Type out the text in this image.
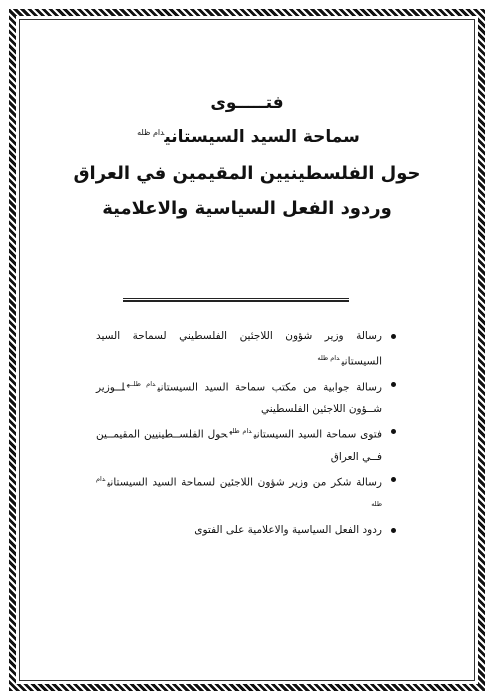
فتـــــوى
سماحة السيد السيستاني$^{دام ظله}$
حول الفلسطينيين المقيمين في العراق
وردود الفعل السياسية والاعلامية
رسالة وزير شؤون اللاجئين الفلسطيني لسماحة السيد السيستاني$^{دام ظله}$
رسالة جوابية من مكتب سماحة السيد السيستاني$^{دام ظلــه}$لــوزير شــؤون اللاجئين الفلسطيني
فتوى سماحة السيد السيستاني$^{دام ظله}$حول الفلســطينيين المقيمــين فــي العراق
رسالة شكر من وزير شؤون اللاجئين لسماحة السيد السيستاني$^{دام ظله}$
ردود الفعل السياسية والاعلامية على الفتوى
